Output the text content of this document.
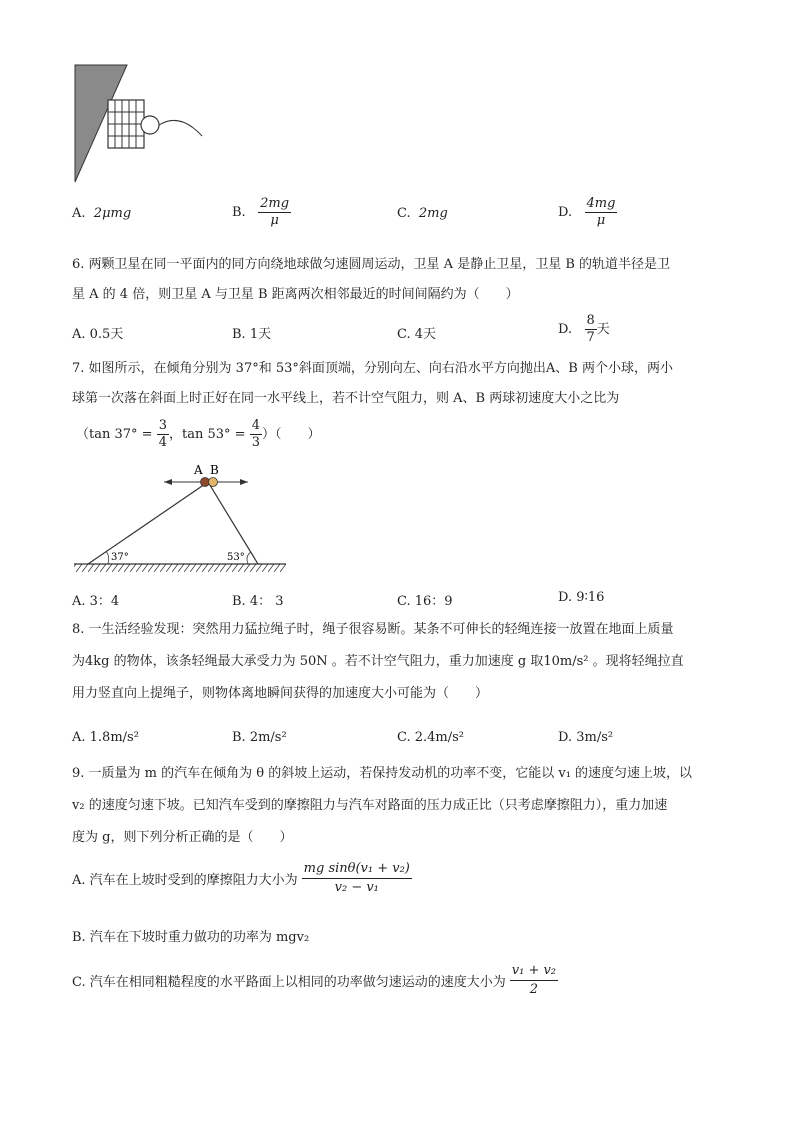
A. 2μmg	B. $\frac{2mg}{\mu}$	C. 2mg	D. $\frac{4mg}{\mu}$
6. 两颗卫星在同一平面内的同方向绕地球做匀速圆周运动，卫星 A 是静止卫星，卫星 B 的轨道半径是卫
星 A 的 4 倍，则卫星 A 与卫星 B 距离两次相邻最近的时间间隔约为（　　）
A. 0.5天	B. 1天	C. 4天	D. $\frac{8}{7}$ 天
7. 如图所示，在倾角分别为 37°和 53°斜面顶端，分别向左、向右沿水平方向抛出A、B 两个小球，两小
球第一次落在斜面上时正好在同一水平线上，若不计空气阻力，则 A、B 两球初速度大小之比为
（tan $37^\circ = \frac{3}{4}$ ，$\tan 53^\circ = \frac{4}{3}$ ）（　　）
A B
37°	53°
A. 3：4	B. 4： 3	C. 16：9	D. 9∶16
8. 一生活经验发现：突然用力猛拉绳子时，绳子很容易断。某条不可伸长的轻绳连接一放置在地面上质量
为4kg 的物体，该条轻绳最大承受力为 50N 。若不计空气阻力，重力加速度 g 取10m/s² 。现将轻绳拉直
用力竖直向上提绳子，则物体离地瞬间获得的加速度大小可能为（　　）
A. 1.8m/s²	B. 2m/s²	C. 2.4m/s²	D. 3m/s²
9. 一质量为 m 的汽车在倾角为 θ 的斜坡上运动，若保持发动机的功率不变，它能以 v₁ 的速度匀速上坡，以
v₂ 的速度匀速下坡。已知汽车受到的摩擦阻力与汽车对路面的压力成正比（只考虑摩擦阻力），重力加速
度为 g，则下列分析正确的是（　　）
A. 汽车在上坡时受到的摩擦阻力大小为 $\frac{\text{mg sinθ(v₁ + v₂)}}{\text{v₂ − v₁}}$
B. 汽车在下坡时重力做功的功率为 mgv₂
C. 汽车在相同粗糙程度的水平路面上以相同的功率做匀速运动的速度大小为 $\frac{\text{v₁ + v₂}}{2}$
